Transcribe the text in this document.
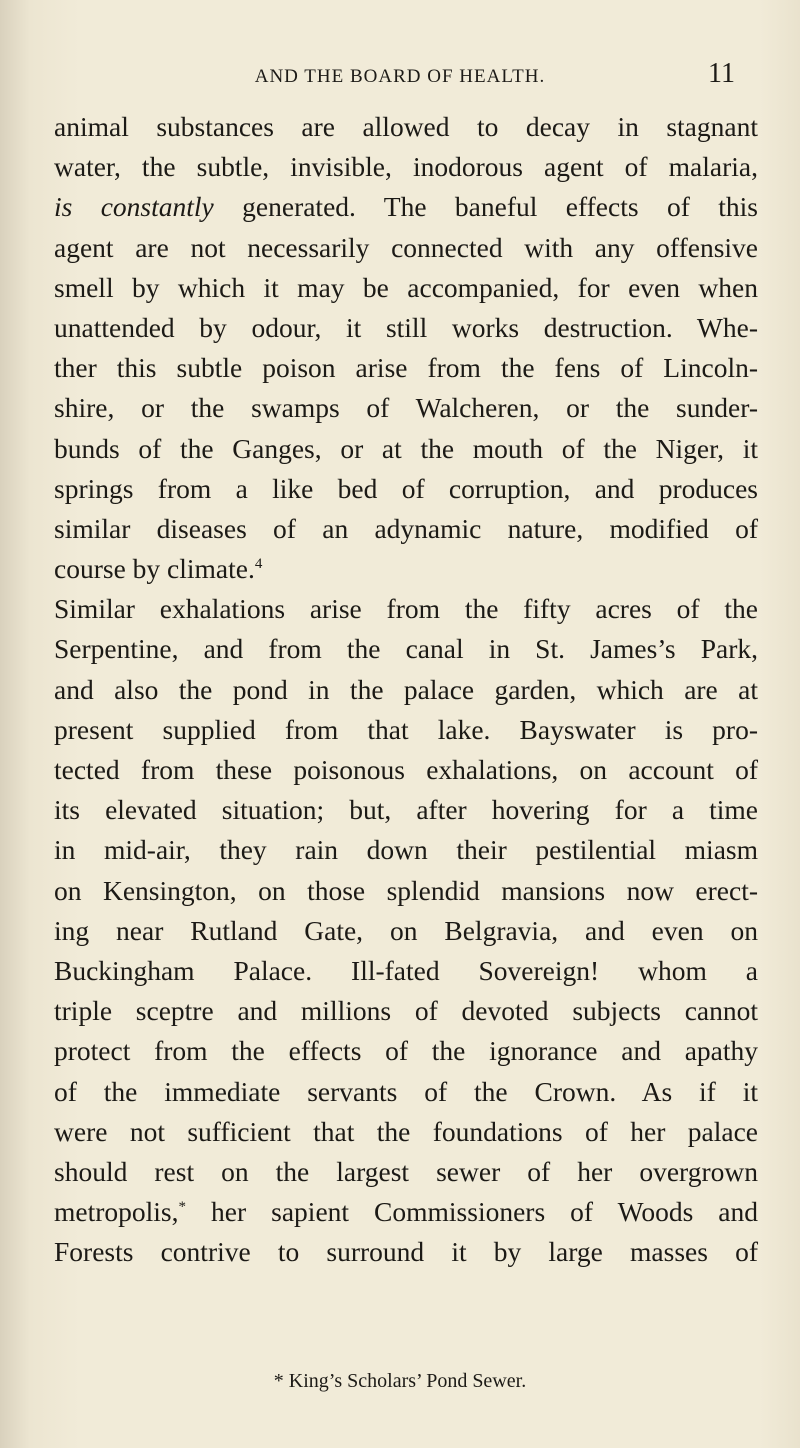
AND THE BOARD OF HEALTH.	11
animal substances are allowed to decay in stagnant
water, the subtle, invisible, inodorous agent of malaria,
is constantly generated. The baneful effects of this
agent are not necessarily connected with any offensive
smell by which it may be accompanied, for even when
unattended by odour, it still works destruction. Whe-
ther this subtle poison arise from the fens of Lincoln-
shire, or the swamps of Walcheren, or the sunder-
bunds of the Ganges, or at the mouth of the Niger, it
springs from a like bed of corruption, and produces
similar diseases of an adynamic nature, modified of
course by climate.$^4$
Similar exhalations arise from the fifty acres of the
Serpentine, and from the canal in St. James’s Park,
and also the pond in the palace garden, which are at
present supplied from that lake. Bayswater is pro-
tected from these poisonous exhalations, on account of
its elevated situation; but, after hovering for a time
in mid-air, they rain down their pestilential miasm
on Kensington, on those splendid mansions now erect-
ing near Rutland Gate, on Belgravia, and even on
Buckingham Palace. Ill-fated Sovereign! whom a
triple sceptre and millions of devoted subjects cannot
protect from the effects of the ignorance and apathy
of the immediate servants of the Crown. As if it
were not sufficient that the foundations of her palace
should rest on the largest sewer of her overgrown
metropolis,* her sapient Commissioners of Woods and
Forests contrive to surround it by large masses of
* King’s Scholars’ Pond Sewer.
